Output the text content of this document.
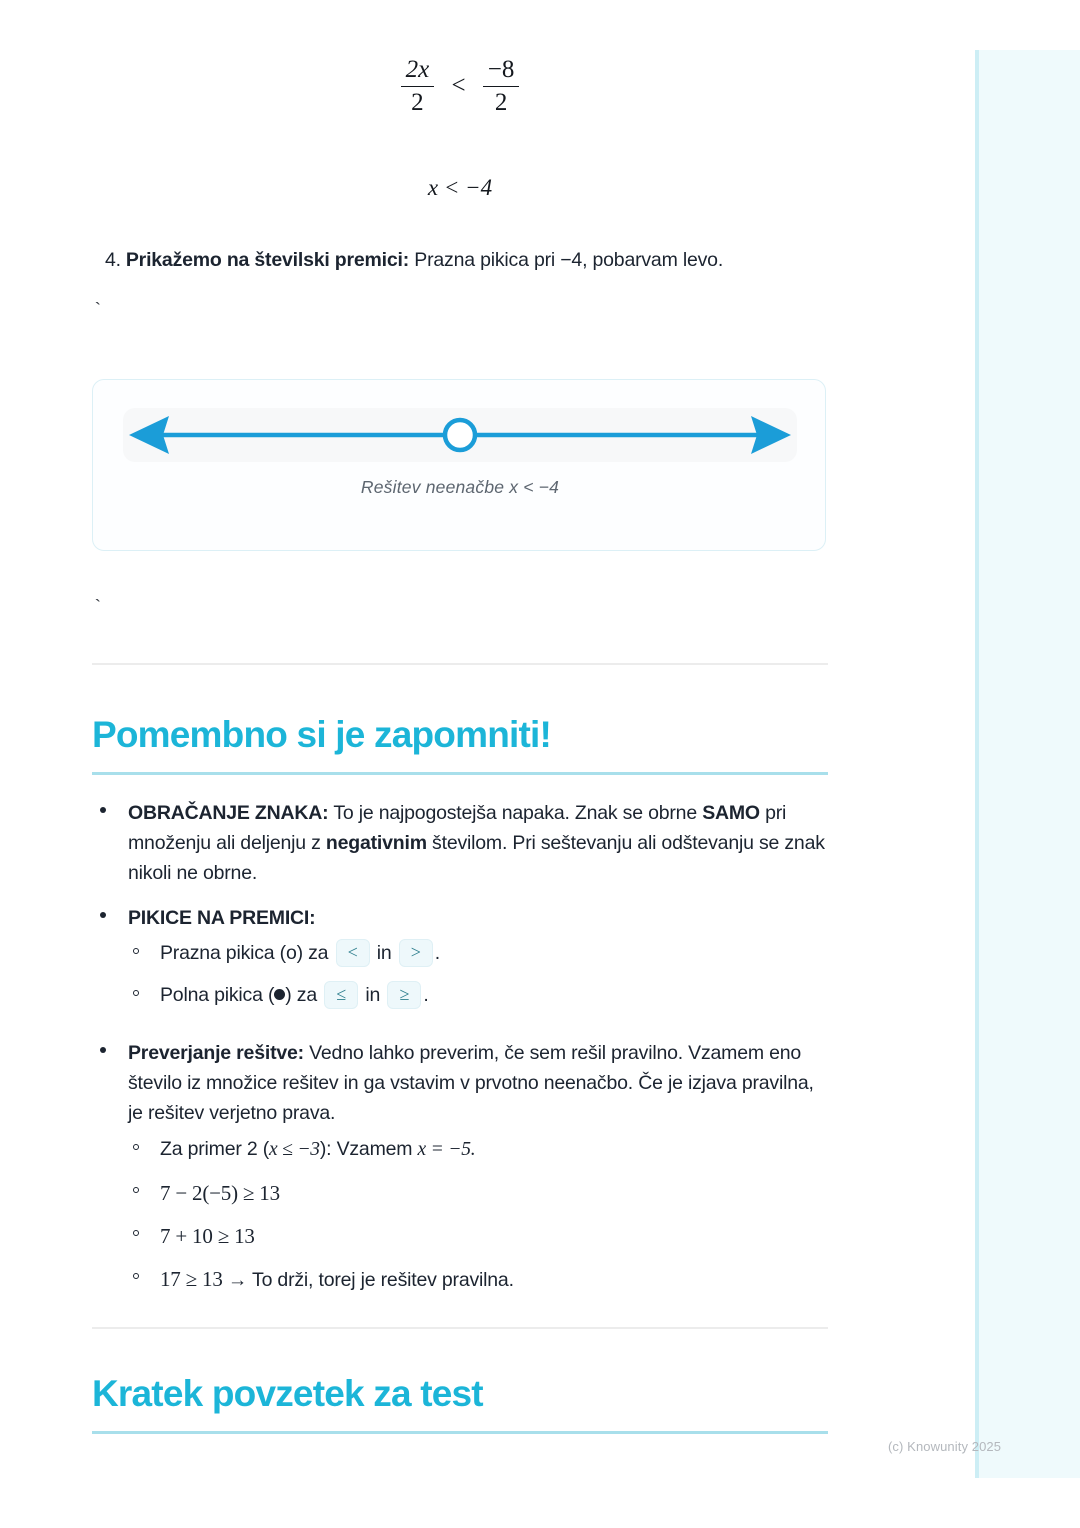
$\frac{2x}{2} < \frac{-8}{2}$
x < −4
4. Prikažemo na številski premici: Prazna pikica pri −4, pobarvam levo.
`
Rešitev neenačbe x < −4
`
Pomembno si je zapomniti!
Kratek povzetek za test
OBRAČANJE ZNAKA: To je najpogostejša napaka. Znak se obrne SAMO pri množenju ali deljenju z negativnim številom. Pri seštevanju ali odštevanju se znak nikoli ne obrne.
PIKICE NA PREMICI:
Prazna pikica (o) za < in > .
Polna pikica ( ) za ≤ in ≥ .
Preverjanje rešitve: Vedno lahko preverim, če sem rešil pravilno. Vzamem eno število iz množice rešitev in ga vstavim v prvotno neenačbo. Če je izjava pravilna, je rešitev verjetno prava.
Za primer 2 (x ≤ −3): Vzamem x = −5.
7 − 2(−5) ≥ 13
7 + 10 ≥ 13
17 ≥ 13 → To drži, torej je rešitev pravilna.
(c) Knowunity 2025
